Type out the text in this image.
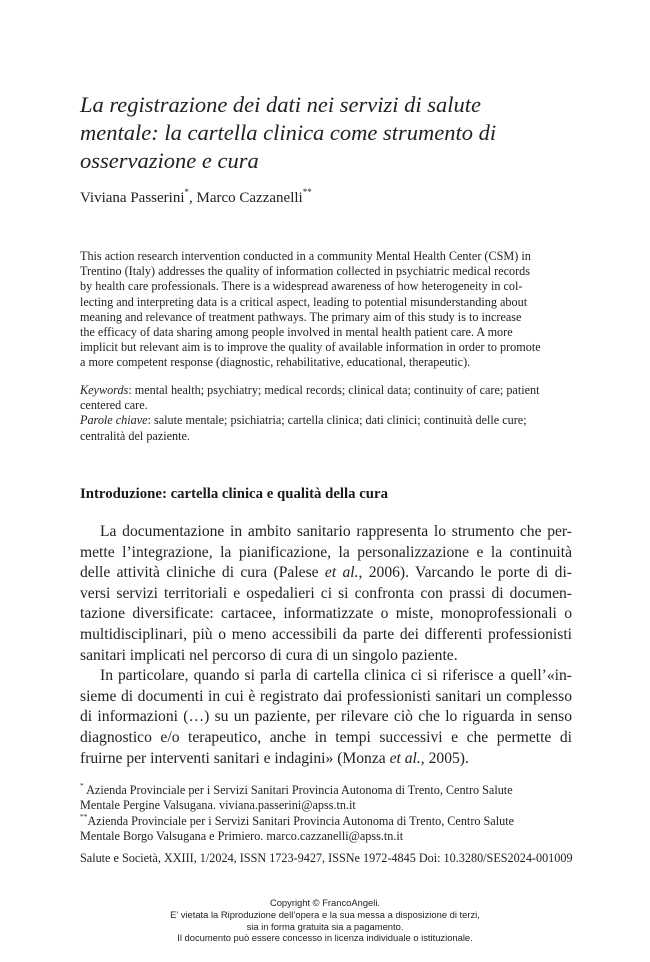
La registrazione dei dati nei servizi di salute
mentale: la cartella clinica come strumento di
osservazione e cura
Viviana Passerini*, Marco Cazzanelli**
This action research intervention conducted in a community Mental Health Center (CSM) in
Trentino (Italy) addresses the quality of information collected in psychiatric medical records
by health care professionals. There is a widespread awareness of how heterogeneity in col-
lecting and interpreting data is a critical aspect, leading to potential misunderstanding about
meaning and relevance of treatment pathways. The primary aim of this study is to increase
the efficacy of data sharing among people involved in mental health patient care. A more
implicit but relevant aim is to improve the quality of available information in order to promote
a more competent response (diagnostic, rehabilitative, educational, therapeutic).
Keywords: mental health; psychiatry; medical records; clinical data; continuity of care; patient
centered care.
Parole chiave: salute mentale; psichiatria; cartella clinica; dati clinici; continuità delle cure;
centralità del paziente.
Introduzione: cartella clinica e qualità della cura
La documentazione in ambito sanitario rappresenta lo strumento che per-
mette l’integrazione, la pianificazione, la personalizzazione e la continuità
delle attività cliniche di cura (Palese et al., 2006). Varcando le porte di di-
versi servizi territoriali e ospedalieri ci si confronta con prassi di documen-
tazione diversificate: cartacee, informatizzate o miste, monoprofessionali o
multidisciplinari, più o meno accessibili da parte dei differenti professionisti
sanitari implicati nel percorso di cura di un singolo paziente.
In particolare, quando si parla di cartella clinica ci si riferisce a quell’«in-
sieme di documenti in cui è registrato dai professionisti sanitari un complesso
di informazioni (…) su un paziente, per rilevare ciò che lo riguarda in senso
diagnostico e/o terapeutico, anche in tempi successivi e che permette di
fruirne per interventi sanitari e indagini» (Monza et al., 2005).
* Azienda Provinciale per i Servizi Sanitari Provincia Autonoma di Trento, Centro Salute
Mentale Pergine Valsugana. viviana.passerini@apss.tn.it
**Azienda Provinciale per i Servizi Sanitari Provincia Autonoma di Trento, Centro Salute
Mentale Borgo Valsugana e Primiero. marco.cazzanelli@apss.tn.it
Salute e Società, XXIII, 1/2024, ISSN 1723-9427, ISSNe 1972-4845 Doi: 10.3280/SES2024-001009
Copyright © FrancoAngeli.
E’ vietata la Riproduzione dell’opera e la sua messa a disposizione di terzi,
sia in forma gratuita sia a pagamento.
Il documento può essere concesso in licenza individuale o istituzionale.
